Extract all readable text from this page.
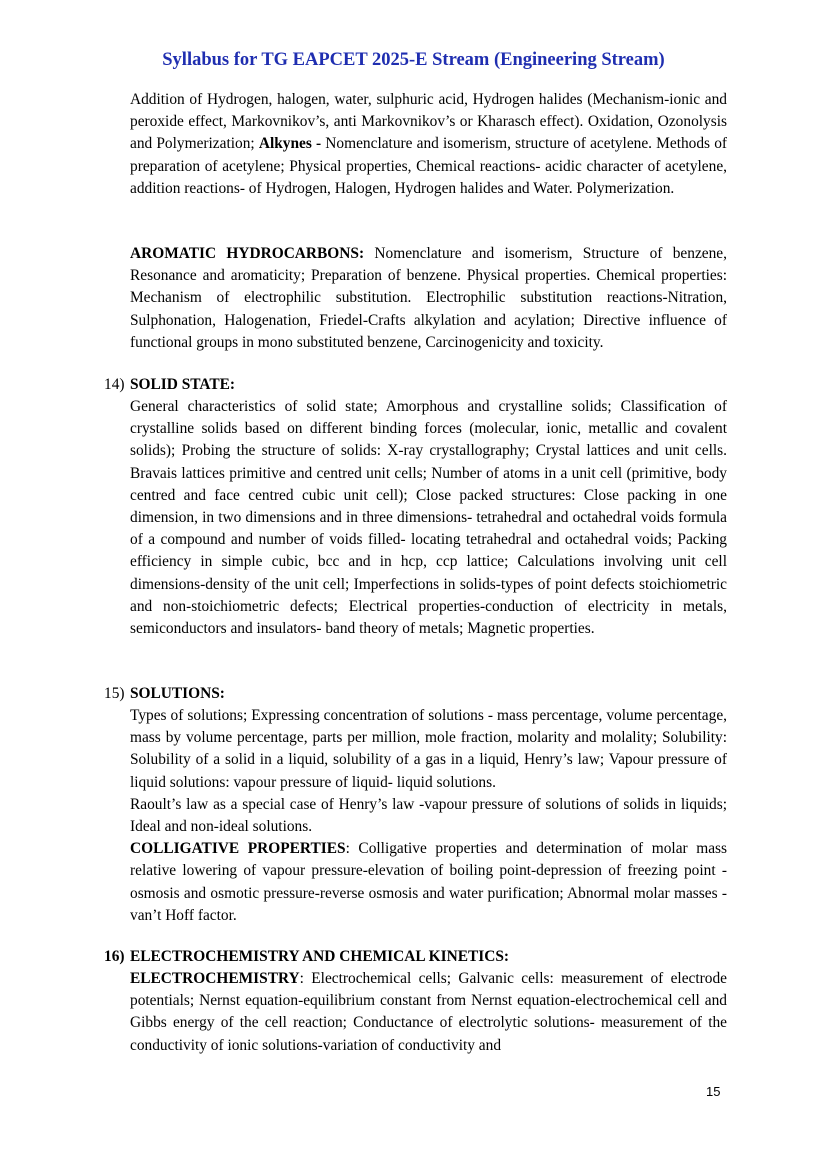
Syllabus for TG EAPCET 2025-E Stream (Engineering Stream)

Addition of Hydrogen, halogen, water, sulphuric acid, Hydrogen halides (Mechanism-ionic and peroxide effect, Markovnikov’s, anti Markovnikov’s or Kharasch effect). Oxidation, Ozonolysis and Polymerization; Alkynes - Nomenclature and isomerism, structure of acetylene. Methods of preparation of acetylene; Physical properties, Chemical reactions- acidic character of acetylene, addition reactions- of Hydrogen, Halogen, Hydrogen halides and Water. Polymerization.

AROMATIC HYDROCARBONS: Nomenclature and isomerism, Structure of benzene, Resonance and aromaticity; Preparation of benzene. Physical properties. Chemical properties: Mechanism of electrophilic substitution. Electrophilic substitution reactions-Nitration, Sulphonation, Halogenation, Friedel-Crafts alkylation and acylation; Directive influence of functional groups in mono substituted benzene, Carcinogenicity and toxicity.

14) SOLID STATE:

General characteristics of solid state; Amorphous and crystalline solids; Classification of crystalline solids based on different binding forces (molecular, ionic, metallic and covalent solids); Probing the structure of solids: X-ray crystallography; Crystal lattices and unit cells. Bravais lattices primitive and centred unit cells; Number of atoms in a unit cell (primitive, body centred and face centred cubic unit cell); Close packed structures: Close packing in one dimension, in two dimensions and in three dimensions- tetrahedral and octahedral voids formula of a compound and number of voids filled- locating tetrahedral and octahedral voids; Packing efficiency in simple cubic, bcc and in hcp, ccp lattice; Calculations involving unit cell dimensions-density of the unit cell; Imperfections in solids-types of point defects stoichiometric and non-stoichiometric defects; Electrical properties-conduction of electricity in metals, semiconductors and insulators- band theory of metals; Magnetic properties.

15) SOLUTIONS:

Types of solutions; Expressing concentration of solutions - mass percentage, volume percentage, mass by volume percentage, parts per million, mole fraction, molarity and molality; Solubility: Solubility of a solid in a liquid, solubility of a gas in a liquid, Henry’s law; Vapour pressure of liquid solutions: vapour pressure of liquid- liquid solutions.

Raoult’s law as a special case of Henry’s law -vapour pressure of solutions of solids in liquids; Ideal and non-ideal solutions.

COLLIGATIVE PROPERTIES: Colligative properties and determination of molar mass relative lowering of vapour pressure-elevation of boiling point-depression of freezing point - osmosis and osmotic pressure-reverse osmosis and water purification; Abnormal molar masses - van’t Hoff factor.

16) ELECTROCHEMISTRY AND CHEMICAL KINETICS:

ELECTROCHEMISTRY: Electrochemical cells; Galvanic cells: measurement of electrode potentials; Nernst equation-equilibrium constant from Nernst equation-electrochemical cell and Gibbs energy of the cell reaction; Conductance of electrolytic solutions- measurement of the conductivity of ionic solutions-variation of conductivity and

15
